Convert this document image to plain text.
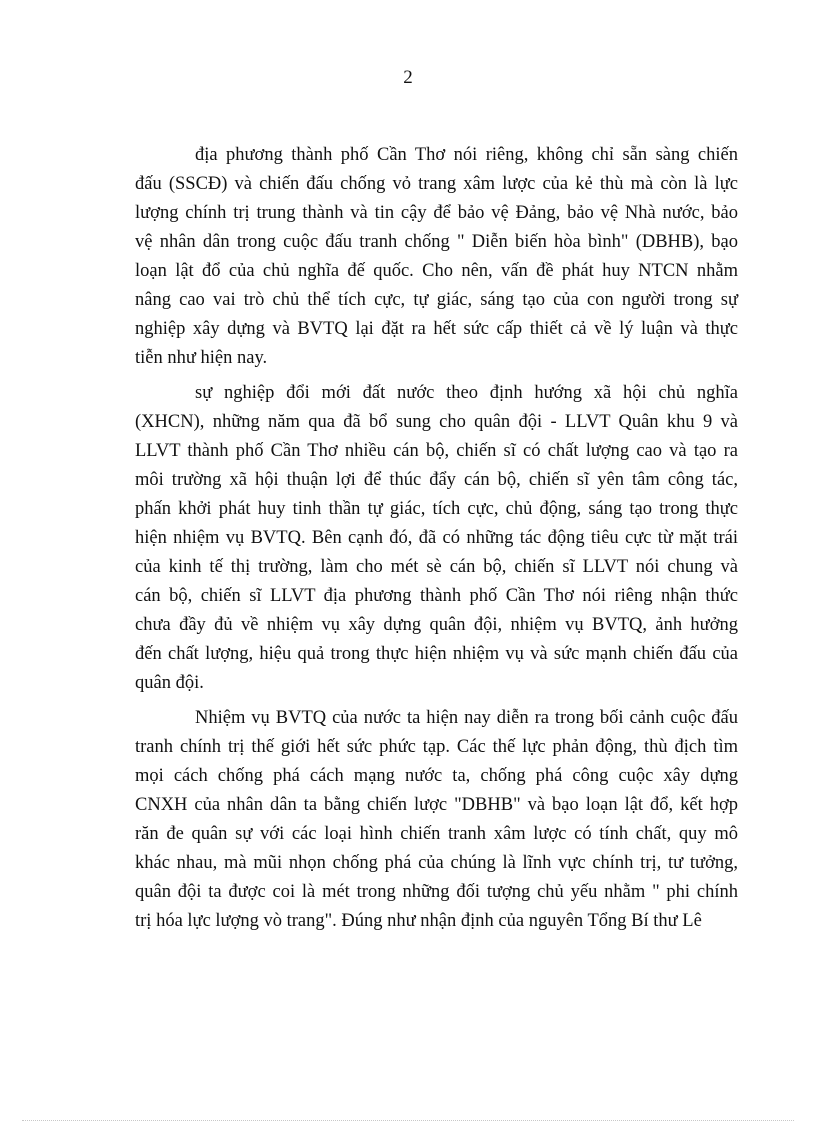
2

địa phương thành phố Cần Thơ nói riêng, không chỉ sẵn sàng chiến
đấu (SSCĐ) và chiến đấu chống vỏ trang xâm lược của kẻ thù mà còn là lực
lượng chính trị trung thành và tin cậy để bảo vệ Đảng, bảo vệ Nhà nước, bảo
vệ nhân dân trong cuộc đấu tranh chống " Diễn biến hòa bình" (DBHB), bạo
loạn lật đổ của chủ nghĩa đế quốc. Cho nên, vấn đề phát huy NTCN nhằm
nâng cao vai trò chủ thể tích cực, tự giác, sáng tạo của con người trong sự
nghiệp xây dựng và BVTQ lại đặt ra hết sức cấp thiết cả về lý luận và thực
tiễn như hiện nay.

sự nghiệp đổi mới đất nước theo định hướng xã hội chủ nghĩa
(XHCN), những năm qua đã bổ sung cho quân đội - LLVT Quân khu 9 và
LLVT thành phố Cần Thơ nhiều cán bộ, chiến sĩ có chất lượng cao và tạo ra
môi trường xã hội thuận lợi để thúc đẩy cán bộ, chiến sĩ yên tâm công tác,
phấn khởi phát huy tinh thần tự giác, tích cực, chủ động, sáng tạo trong thực
hiện nhiệm vụ BVTQ. Bên cạnh đó, đã có những tác động tiêu cực từ mặt trái
của kinh tế thị trường, làm cho mét sè cán bộ, chiến sĩ LLVT nói chung và
cán bộ, chiến sĩ LLVT địa phương thành phố Cần Thơ nói riêng nhận thức
chưa đầy đủ về nhiệm vụ xây dựng quân đội, nhiệm vụ BVTQ, ảnh hưởng
đến chất lượng, hiệu quả trong thực hiện nhiệm vụ và sức mạnh chiến đấu của
quân đội.

Nhiệm vụ BVTQ của nước ta hiện nay diễn ra trong bối cảnh cuộc đấu
tranh chính trị thế giới hết sức phức tạp. Các thế lực phản động, thù địch tìm
mọi cách chống phá cách mạng nước ta, chống phá công cuộc xây dựng
CNXH của nhân dân ta bằng chiến lược "DBHB" và bạo loạn lật đổ, kết hợp
răn đe quân sự với các loại hình chiến tranh xâm lược có tính chất, quy mô
khác nhau, mà mũi nhọn chống phá của chúng là lĩnh vực chính trị, tư tưởng,
quân đội ta được coi là mét trong những đối tượng chủ yếu nhằm " phi chính
trị hóa lực lượng vò trang". Đúng như nhận định của nguyên Tổng Bí thư Lê
